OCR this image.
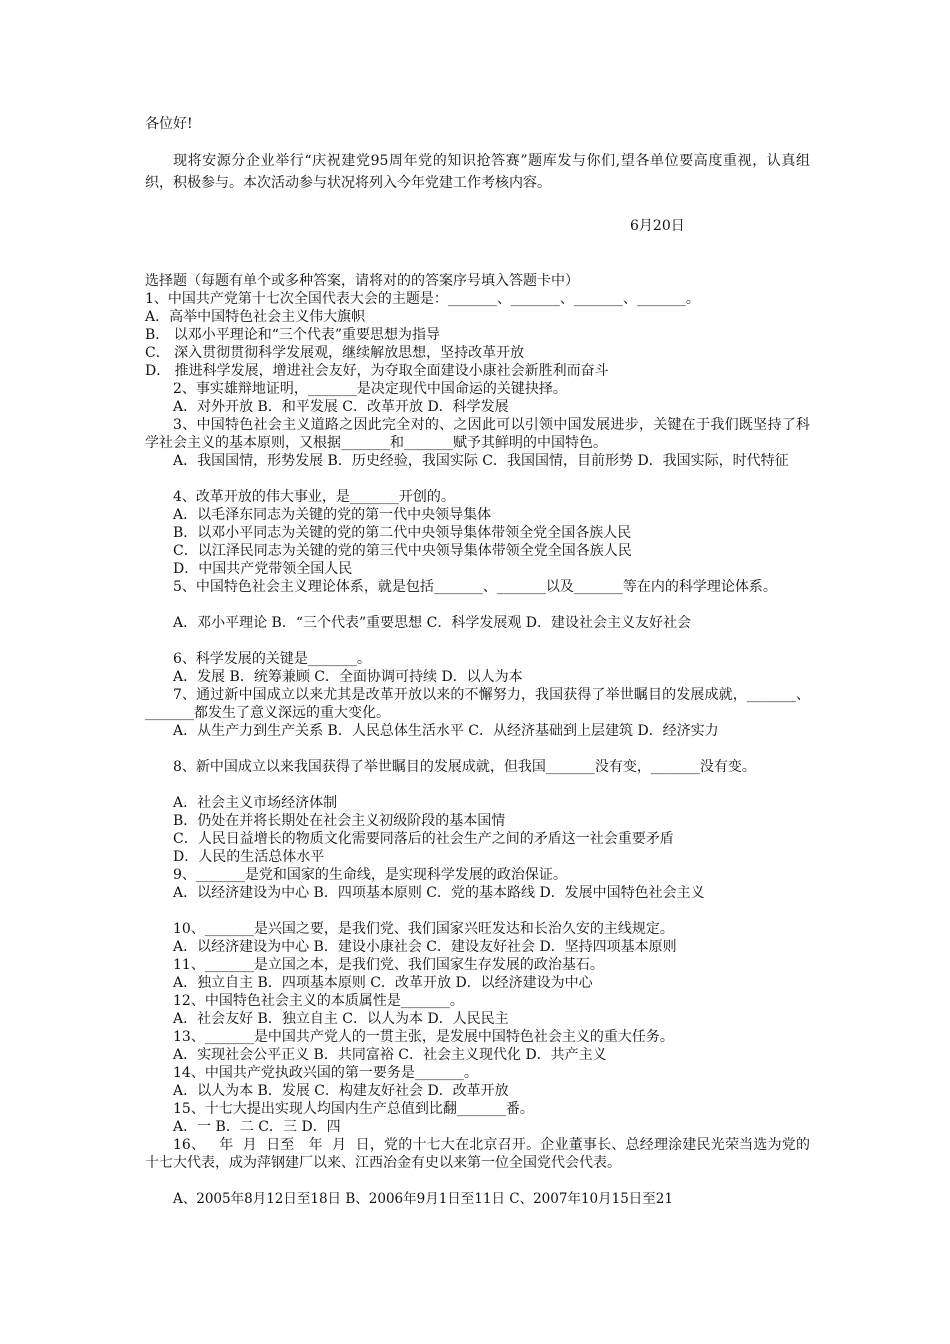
各位好!
现将安源分企业举行“庆祝建党95周年党的知识抢答赛”题库发与你们,望各单位要高度重视，认真组织，积极参与。本次活动参与状况将列入今年党建工作考核内容。
6月20日
选择题（每题有单个或多种答案，请将对的的答案序号填入答题卡中）
1、中国共产党第十七次全国代表大会的主题是：_______、_______、_______、_______。
A．高举中国特色社会主义伟大旗帜
B． 以邓小平理论和“三个代表”重要思想为指导
C． 深入贯彻贯彻科学发展观，继续解放思想，坚持改革开放
D． 推进科学发展，增进社会友好，为夺取全面建设小康社会新胜利而奋斗
2、事实雄辩地证明，_______是决定现代中国命运的关键抉择。
A．对外开放 B．和平发展 C．改革开放 D．科学发展
3、中国特色社会主义道路之因此完全对的、之因此可以引领中国发展进步，关键在于我们既坚持了科学社会主义的基本原则，又根据_______和_______赋予其鲜明的中国特色。
A．我国国情，形势发展 B．历史经验，我国实际 C．我国国情，目前形势 D．我国实际，时代特征
4、改革开放的伟大事业，是_______开创的。
A．以毛泽东同志为关键的党的第一代中央领导集体
B．以邓小平同志为关键的党的第二代中央领导集体带领全党全国各族人民
C．以江泽民同志为关键的党的第三代中央领导集体带领全党全国各族人民
D．中国共产党带领全国人民
5、中国特色社会主义理论体系，就是包括_______、_______以及_______等在内的科学理论体系。
A．邓小平理论 B．“三个代表”重要思想 C．科学发展观 D．建设社会主义友好社会
6、科学发展的关键是_______。
A．发展 B．统筹兼顾 C．全面协调可持续 D．以人为本
7、通过新中国成立以来尤其是改革开放以来的不懈努力，我国获得了举世瞩目的发展成就，_______、_______都发生了意义深远的重大变化。
A．从生产力到生产关系 B．人民总体生活水平 C．从经济基础到上层建筑 D．经济实力
8、新中国成立以来我国获得了举世瞩目的发展成就，但我国_______没有变，_______没有变。
A．社会主义市场经济体制
B．仍处在并将长期处在社会主义初级阶段的基本国情
C．人民日益增长的物质文化需要同落后的社会生产之间的矛盾这一社会重要矛盾
D．人民的生活总体水平
9、_______是党和国家的生命线，是实现科学发展的政治保证。
A．以经济建设为中心 B．四项基本原则 C．党的基本路线 D．发展中国特色社会主义
10、_______是兴国之要，是我们党、我们国家兴旺发达和长治久安的主线规定。
A．以经济建设为中心 B．建设小康社会 C．建设友好社会 D．坚持四项基本原则
11、_______是立国之本，是我们党、我们国家生存发展的政治基石。
A．独立自主 B．四项基本原则 C．改革开放 D．以经济建设为中心
12、中国特色社会主义的本质属性是_______。
A．社会友好 B．独立自主 C．以人为本 D．人民民主
13、_______是中国共产党人的一贯主张，是发展中国特色社会主义的重大任务。
A．实现社会公平正义 B．共同富裕 C．社会主义现代化 D．共产主义
14、中国共产党执政兴国的第一要务是_______。
A．以人为本 B．发展 C．构建友好社会 D．改革开放
15、十七大提出实现人均国内生产总值到比翻_______番。
A．一 B．二 C．三 D．四
16、   年  月  日至   年  月  日，党的十七大在北京召开。企业董事长、总经理涂建民光荣当选为党的十七大代表，成为萍钢建厂以来、江西冶金有史以来第一位全国党代会代表。
A、2005年8月12日至18日 B、2006年9月1日至11日 C、2007年10月15日至21
